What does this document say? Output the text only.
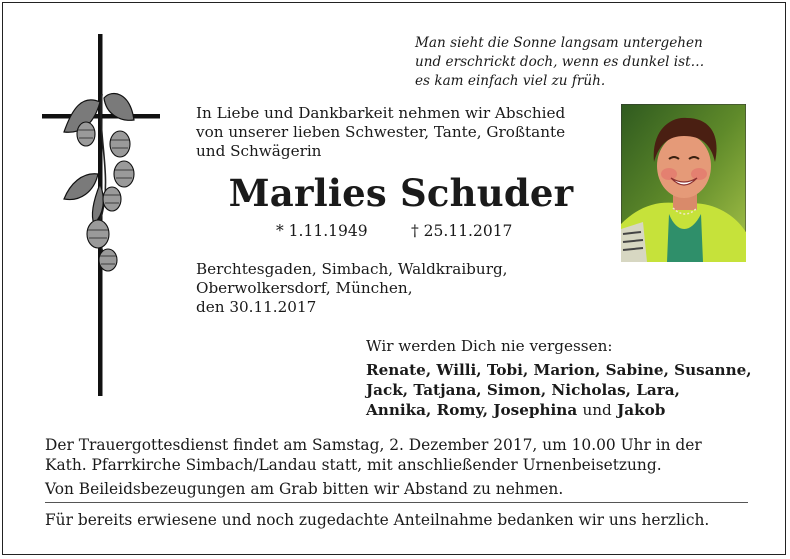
Man sieht die Sonne langsam untergehen
und erschrickt doch, wenn es dunkel ist…
es kam einfach viel zu früh.
In Liebe und Dankbarkeit nehmen wir Abschied
von unserer lieben Schwester, Tante, Großtante
und Schwägerin
Marlies Schuder
* 1.11.1949	† 25.11.2017
Berchtesgaden, Simbach, Waldkraiburg,
Oberwolkersdorf, München,
den 30.11.2017
Wir werden Dich nie vergessen:
Renate, Willi, Tobi, Marion, Sabine, Susanne,
Jack, Tatjana, Simon, Nicholas, Lara,
Annika, Romy, Josephina und Jakob
Der Trauergottesdienst findet am Samstag, 2. Dezember 2017, um 10.00 Uhr in der
Kath. Pfarrkirche Simbach/Landau statt, mit anschließender Urnenbeisetzung.
Von Beileidsbezeugungen am Grab bitten wir Abstand zu nehmen.
Für bereits erwiesene und noch zugedachte Anteilnahme bedanken wir uns herzlich.
